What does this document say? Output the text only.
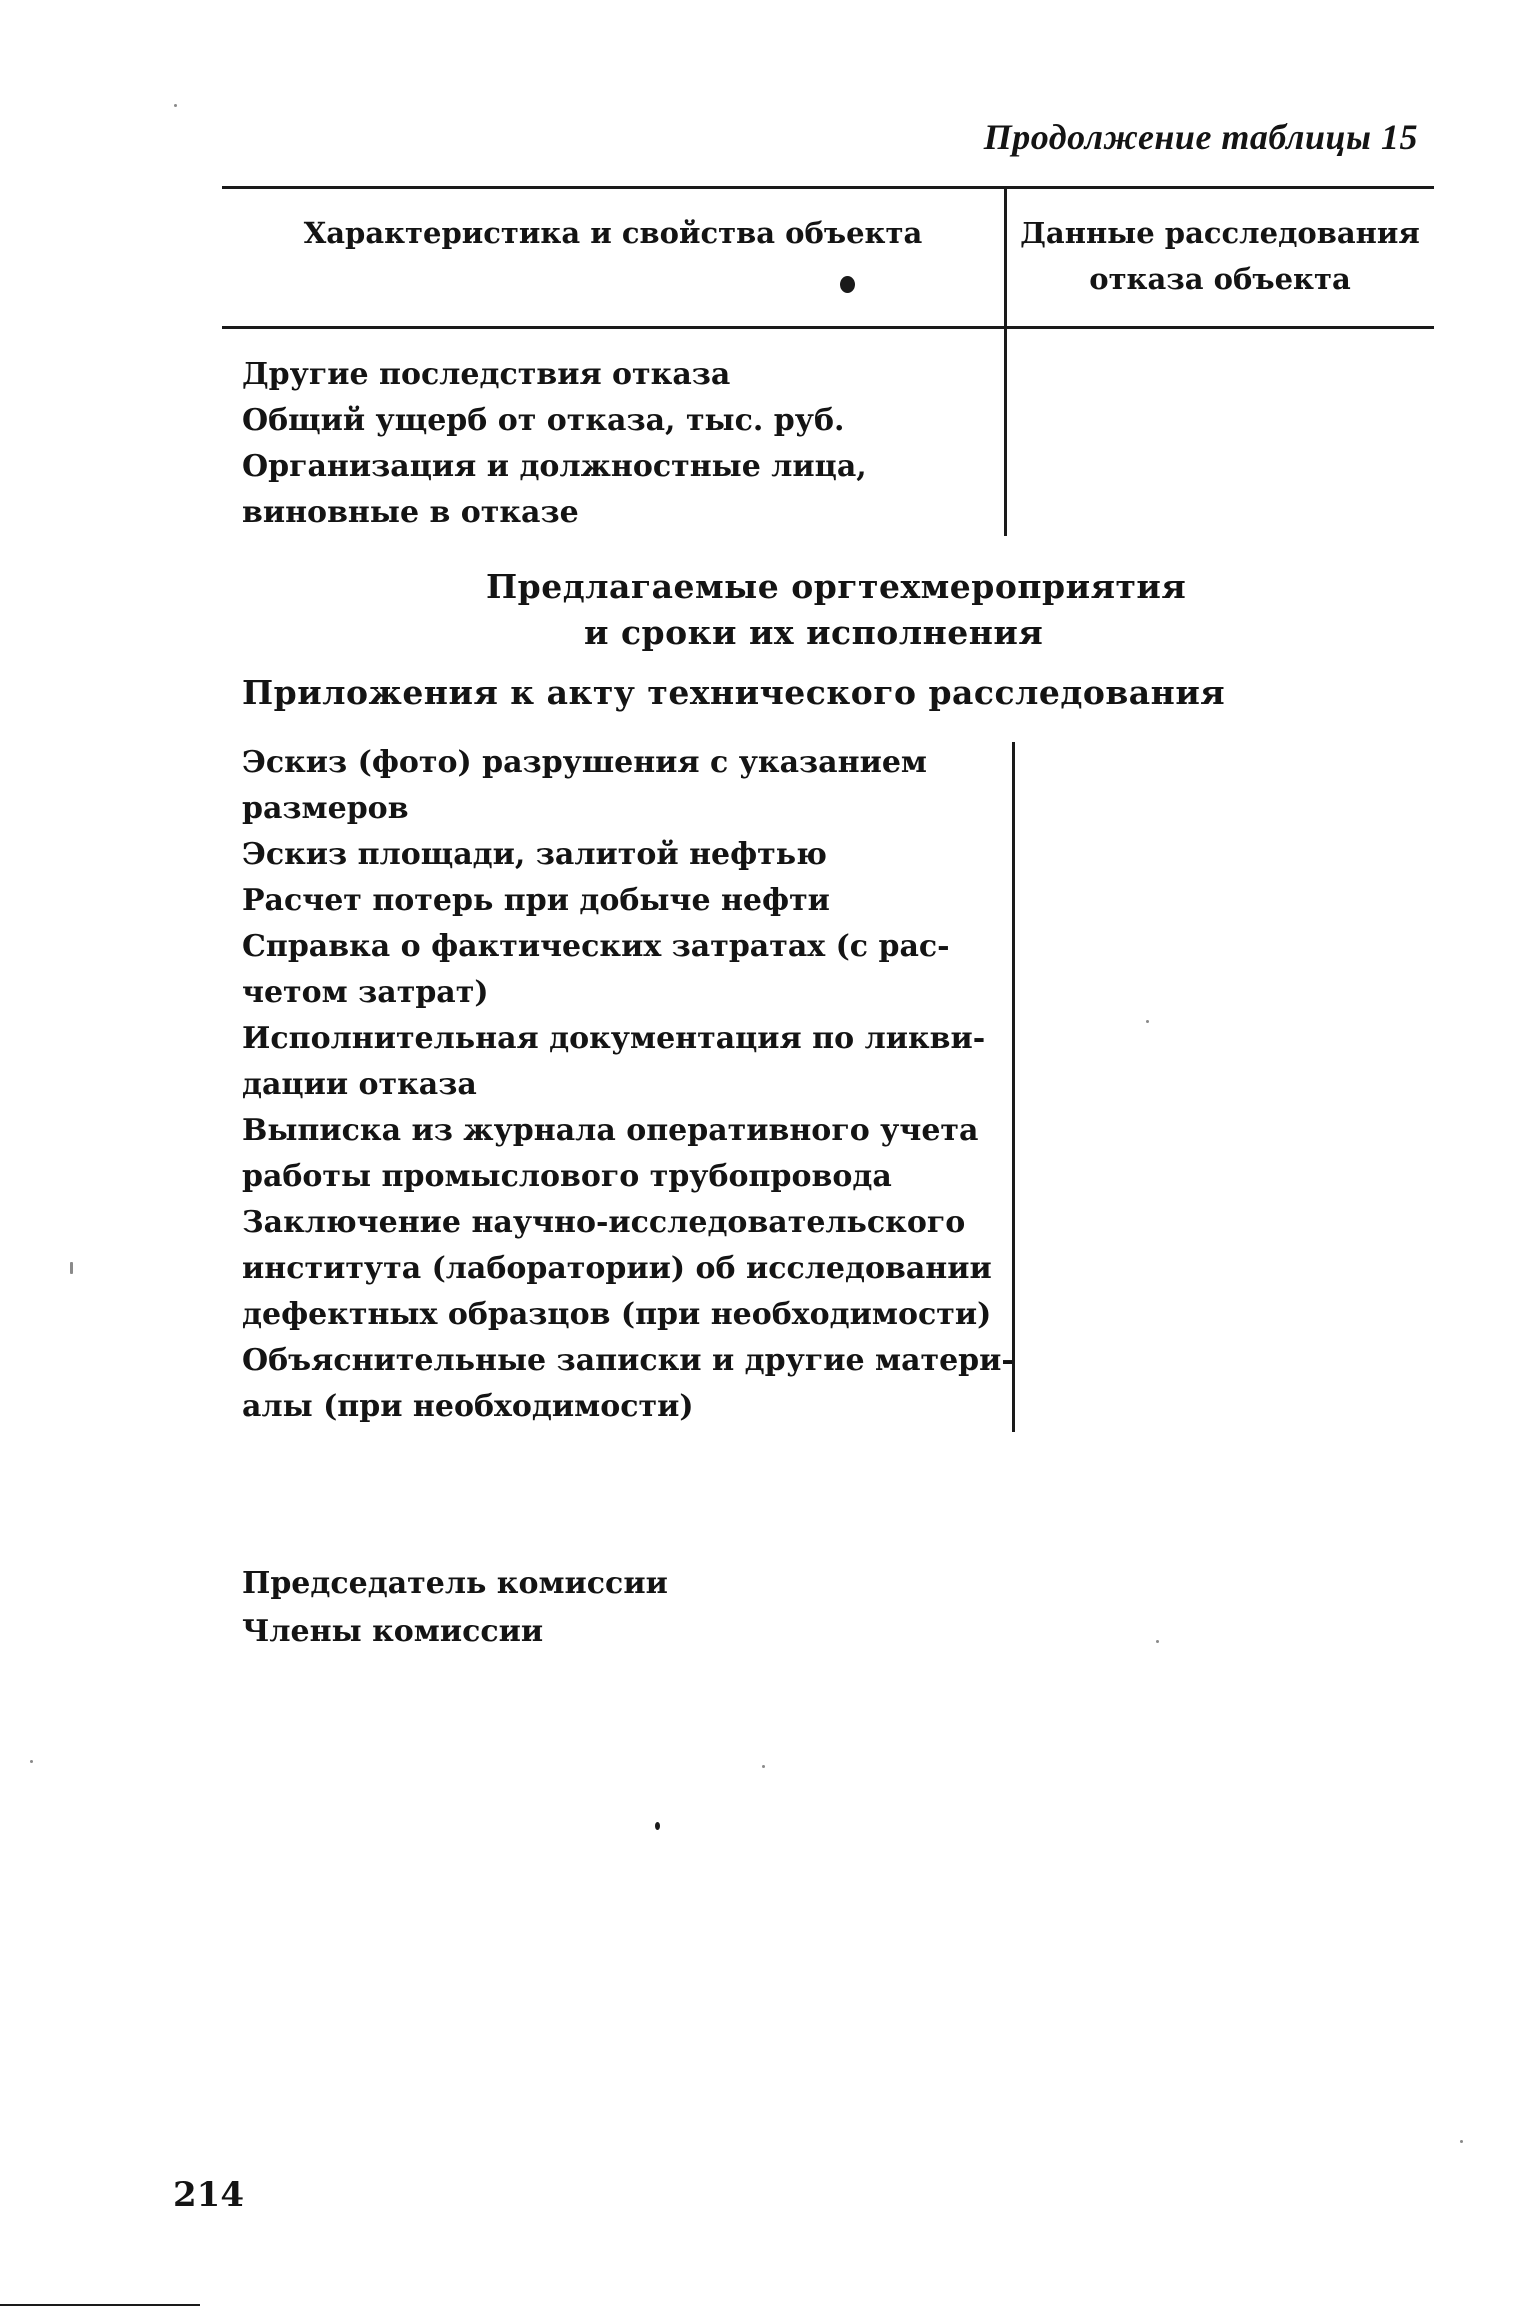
Продолжение таблицы 15
Характеристика и свойства объекта	Данные расследования
отказа объекта
Другие последствия отказа
Общий ущерб от отказа, тыс. руб.
Организация и должностные лица,
виновные в отказе
Предлагаемые оргтехмероприятия
и сроки их исполнения
Приложения к акту технического расследования
Эскиз (фото) разрушения с указанием
размеров
Эскиз площади, залитой нефтью
Расчет потерь при добыче нефти
Справка о фактических затратах (с рас-
четом затрат)
Исполнительная документация по ликви-
дации отказа
Выписка из журнала оперативного учета
работы промыслового трубопровода
Заключение научно-исследовательского
института (лаборатории) об исследовании
дефектных образцов (при необходимости)
Объяснительные записки и другие матери-
алы (при необходимости)
Председатель комиссии
Члены комиссии
214
